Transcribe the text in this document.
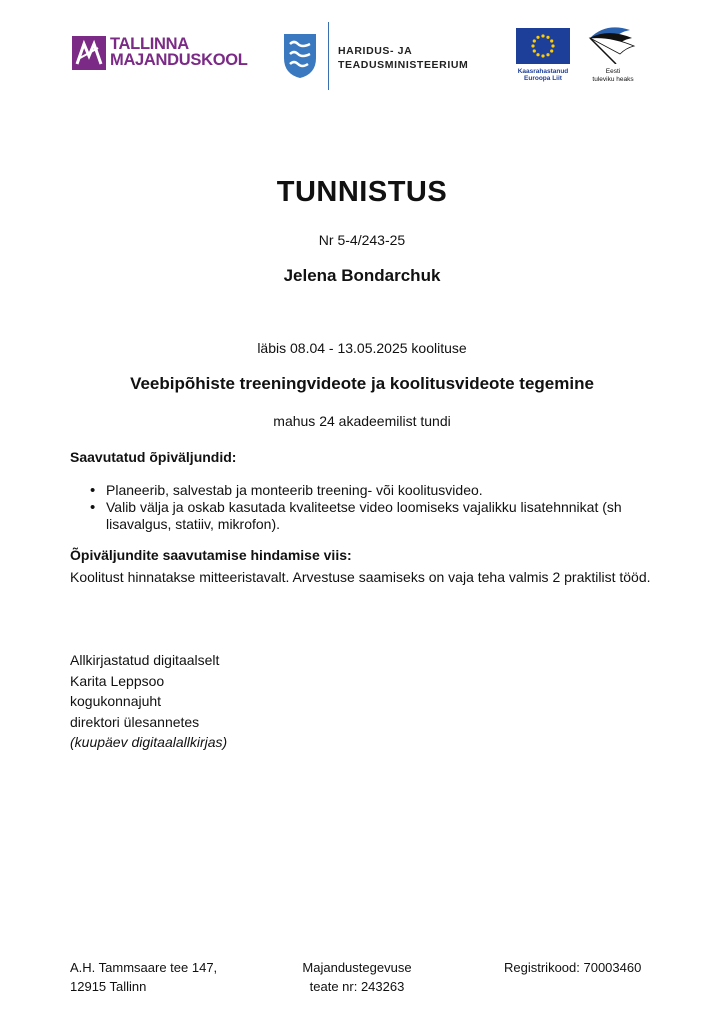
TALLINNA
MAJANDUSKOOL	HARIDUS- JA
TEADUSMINISTEERIUM
Kaasrahastanud
Euroopa Liit
Eesti
tuleviku heaks
TUNNISTUS
Nr 5-4/243-25
Jelena Bondarchuk
läbis 08.04 - 13.05.2025 koolituse
Veebipõhiste treeningvideote ja koolitusvideote tegemine
mahus 24 akadeemilist tundi
Saavutatud õpiväljundid:
• Planeerib, salvestab ja monteerib treening- või koolitusvideo.
• Valib välja ja oskab kasutada kvaliteetse video loomiseks vajalikku lisatehnnikat (sh lisavalgus, statiiv, mikrofon).
Õpiväljundite saavutamise hindamise viis:
Koolitust hinnatakse mitteeristavalt. Arvestuse saamiseks on vaja teha valmis 2 praktilist tööd.
Allkirjastatud digitaalselt
Karita Leppsoo
kogukonnajuht
direktori ülesannetes
(kuupäev digitaalallkirjas)
A.H. Tammsaare tee 147,
12915 Tallinn
Majandustegevuse
teate nr: 243263
Registrikood: 70003460
